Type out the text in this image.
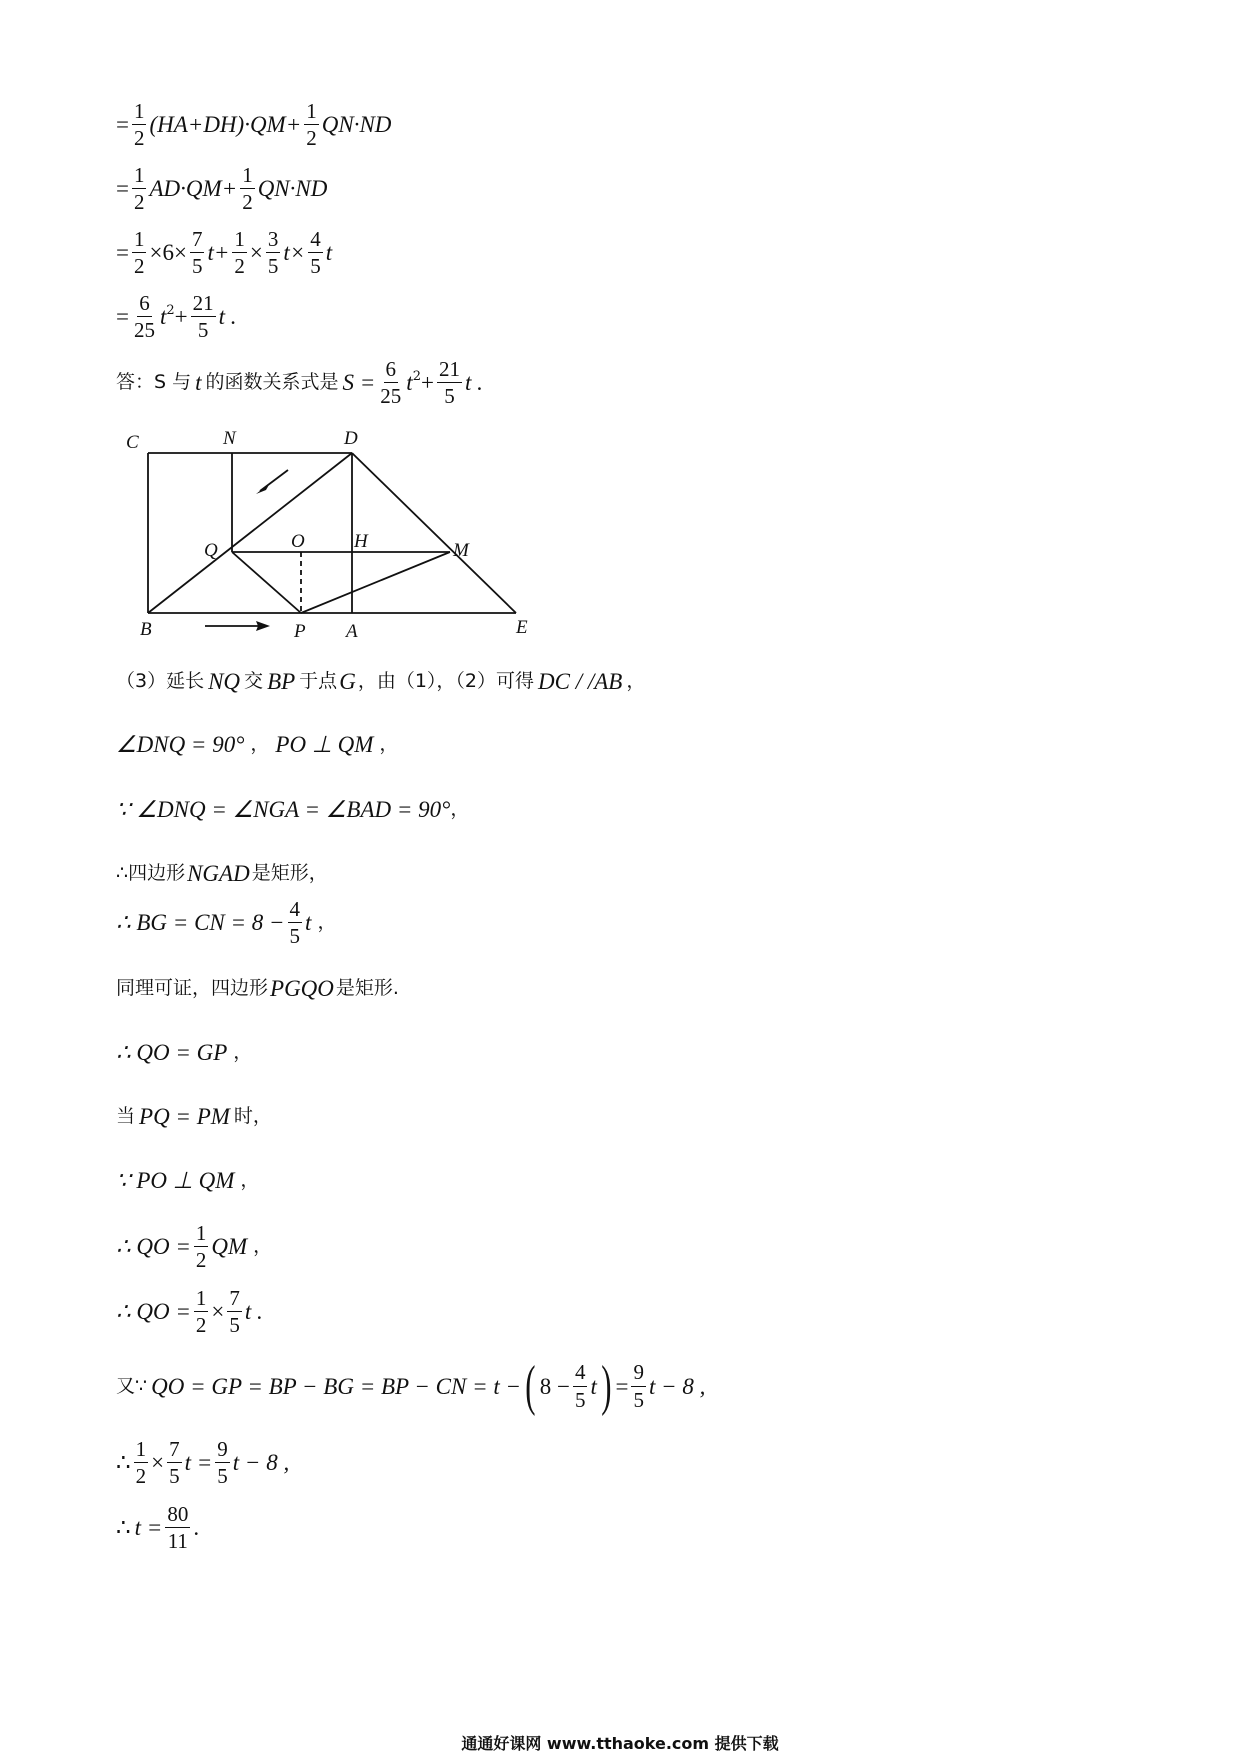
= $\frac{1}{2} (HA+DH)\cdot QM+ \frac{1}{2} QN\cdot ND$
= $\frac{1}{2} AD\cdot QM+ \frac{1}{2} QN\cdot ND$
= $\frac{1}{2} \times 6\times \frac{7}{5} t+ \frac{1}{2} \times \frac{3}{5} t\times \frac{4}{5}$ t
= $\frac{6}{25} t^2 + \frac{21}{5}$ t .
答：S 与 t 的函数关系式是 $S = \frac{6}{25} t^2 + \frac{21}{5}$ t .
C	N	D
Q	O	H	M
B	P A	E
（3）延长 NQ 交 BP 于点 G ，由（1），（2）可得 DC / /AB ，
∠DNQ = 90° ， PO ⊥ QM ，
∵ ∠DNQ = ∠NGA = ∠BAD = 90° ，
∴四边形 NGAD 是矩形，
∴ BG = CN = $8 - \frac{4}{5}$ t ，
同理可证，四边形 PGQO 是矩形.
∴ QO = GP ，
当 PQ = PM 时，
∵ PO ⊥ QM ，
∴ QO = $\frac{1}{2}$ QM ，
∴ QO = $\frac{1}{2} \times \frac{7}{5}$ t .
又∵ QO = GP = BP − BG = BP − CN = t − ( $8 - \frac{4}{5}$ t ) = $\frac{9}{5}$ t − 8 ,
∴ $\frac{1}{2} \times \frac{7}{5}$ $t = \frac{9}{5}$ t − 8 ,
∴ $t = \frac{80}{11}$ .
通通好课网 www.tthaoke.com 提供下载
